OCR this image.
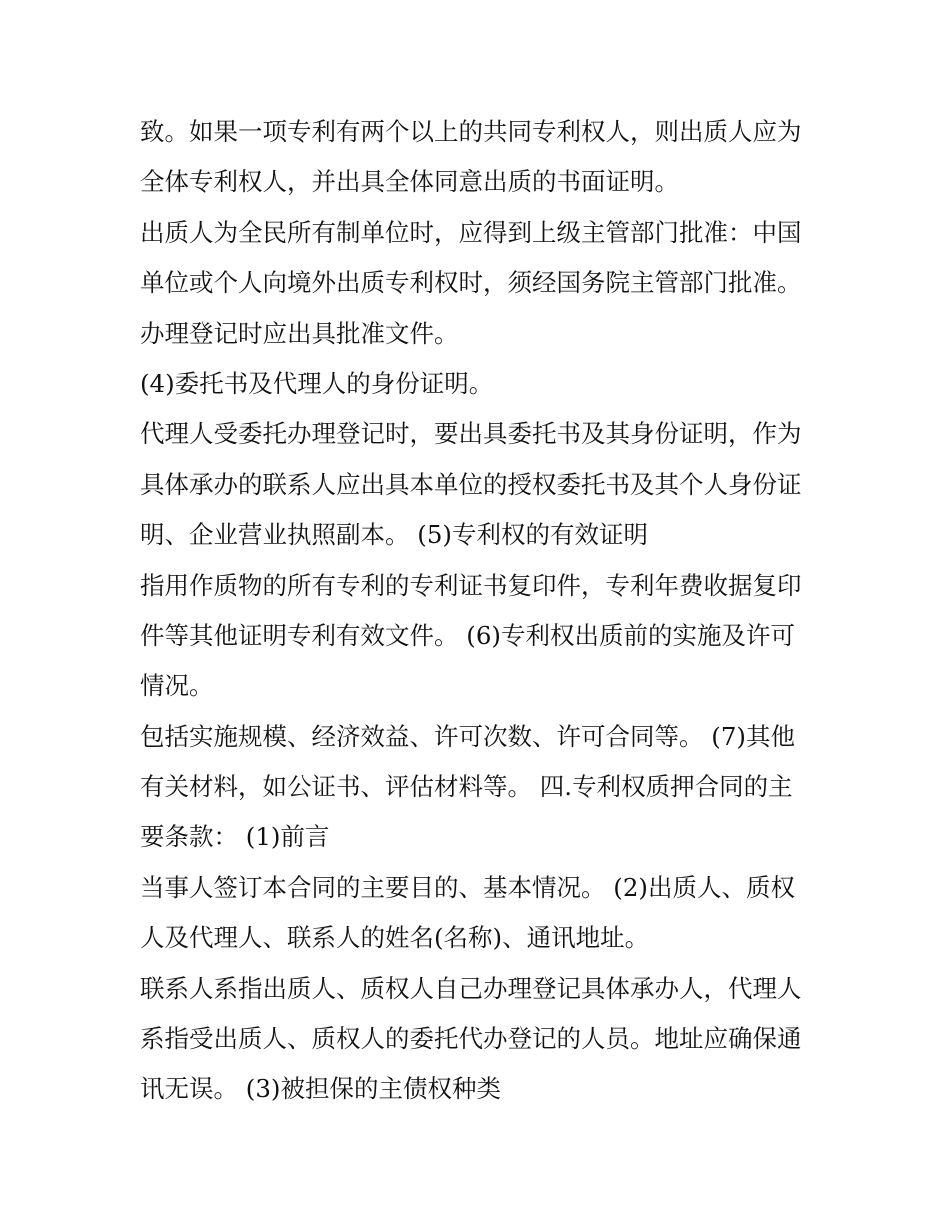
致。如果一项专利有两个以上的共同专利权人，则出质人应为
全体专利权人，并出具全体同意出质的书面证明。
出质人为全民所有制单位时，应得到上级主管部门批准：中国
单位或个人向境外出质专利权时，须经国务院主管部门批准。
办理登记时应出具批准文件。
(4)委托书及代理人的身份证明。
代理人受委托办理登记时，要出具委托书及其身份证明，作为
具体承办的联系人应出具本单位的授权委托书及其个人身份证
明、企业营业执照副本。 (5)专利权的有效证明
指用作质物的所有专利的专利证书复印件，专利年费收据复印
件等其他证明专利有效文件。 (6)专利权出质前的实施及许可
情况。
包括实施规模、经济效益、许可次数、许可合同等。 (7)其他
有关材料，如公证书、评估材料等。 四.专利权质押合同的主
要条款： (1)前言
当事人签订本合同的主要目的、基本情况。 (2)出质人、质权
人及代理人、联系人的姓名(名称)、通讯地址。
联系人系指出质人、质权人自己办理登记具体承办人，代理人
系指受出质人、质权人的委托代办登记的人员。地址应确保通
讯无误。 (3)被担保的主债权种类
